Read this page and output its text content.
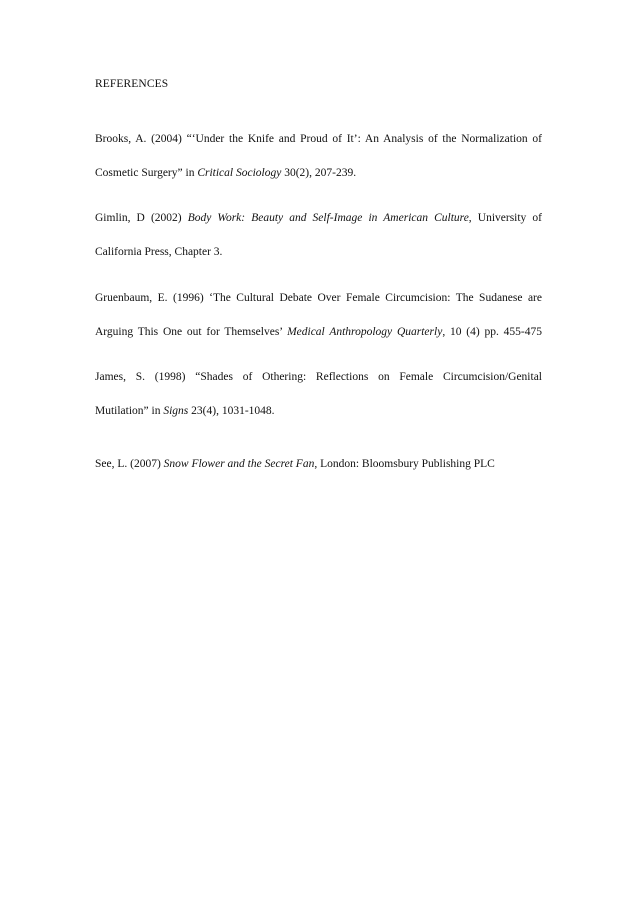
REFERENCES
Brooks, A. (2004) “‘Under the Knife and Proud of It’: An Analysis of the Normalization of
Cosmetic Surgery” in Critical Sociology 30(2), 207-239.
Gimlin, D (2002) Body Work: Beauty and Self-Image in American Culture, University of
California Press, Chapter 3.
Gruenbaum, E. (1996) ‘The Cultural Debate Over Female Circumcision: The Sudanese are
Arguing This One out for Themselves’ Medical Anthropology Quarterly, 10 (4) pp. 455-475
James, S. (1998) “Shades of Othering: Reflections on Female Circumcision/Genital
Mutilation” in Signs 23(4), 1031-1048.
See, L. (2007) Snow Flower and the Secret Fan, London: Bloomsbury Publishing PLC
